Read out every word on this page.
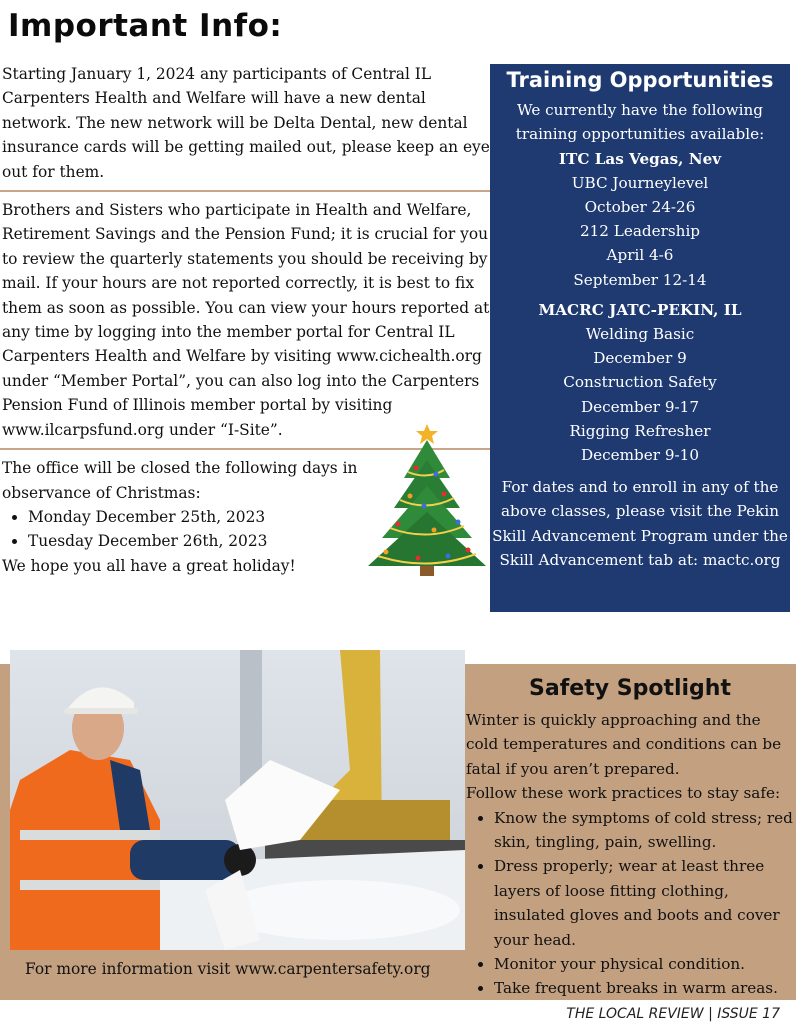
Important Info:

Starting January 1, 2024 any participants of Central IL Carpenters Health and Welfare will have a new dental network. The new network will be Delta Dental, new dental insurance cards will be getting mailed out, please keep an eye out for them.

Brothers and Sisters who participate in Health and Welfare, Retirement Savings and the Pension Fund; it is crucial for you to review the quarterly statements you should be receiving by mail. If your hours are not reported correctly, it is best to fix them as soon as possible. You can view your hours reported at any time by logging into the member portal for Central IL Carpenters Health and Welfare by visiting www.cichealth.org under “Member Portal”, you can also log into the Carpenters Pension Fund of Illinois member portal by visiting www.ilcarpsfund.org under “I-Site”.

The office will be closed the following days in observance of Christmas:

• Monday December 25th, 2023
• Tuesday December 26th, 2023

We hope you all have a great holiday!

Training Opportunities
We currently have the following training opportunities available:
ITC Las Vegas, Nev
UBC Journeylevel
October 24-26
212 Leadership
April 4-6
September 12-14
MACRC JATC-PEKIN, IL
Welding Basic
December 9
Construction Safety
December 9-17
Rigging Refresher
December 9-10
For dates and to enroll in any of the above classes, please visit the Pekin Skill Advancement Program under the Skill Advancement tab at: mactc.org

For more information visit www.carpentersafety.org

Safety Spotlight

Winter is quickly approaching and the cold temperatures and conditions can be fatal if you aren’t prepared.

Follow these work practices to stay safe:

• Know the symptoms of cold stress; red skin, tingling, pain, swelling.
• Dress properly; wear at least three layers of loose fitting clothing, insulated gloves and boots and cover your head.
• Monitor your physical condition.
• Take frequent breaks in warm areas.

THE LOCAL REVIEW | ISSUE 17
